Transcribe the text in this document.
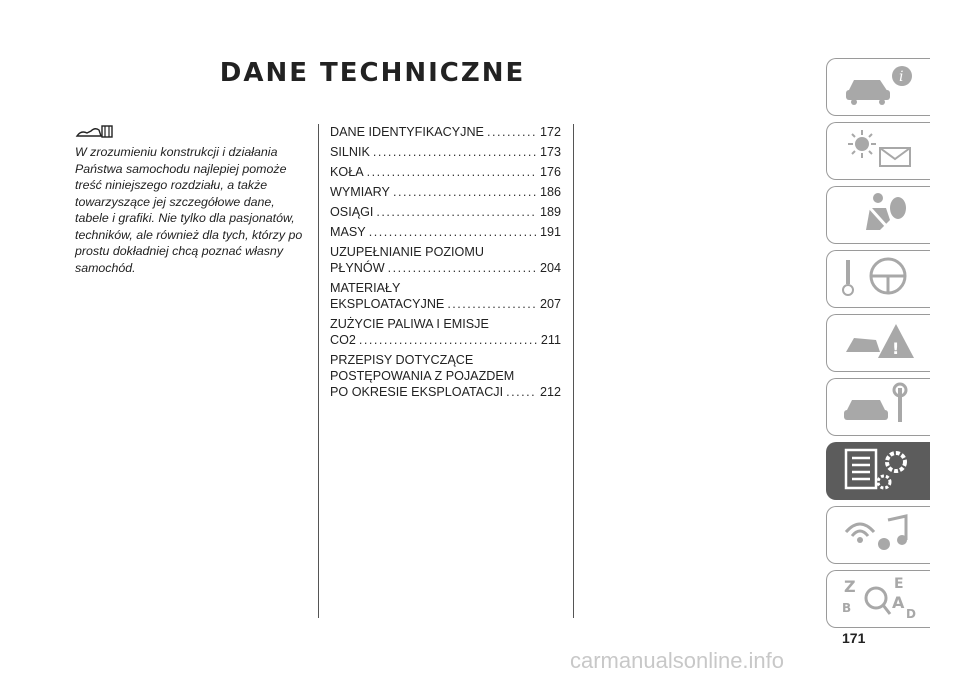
DANE TECHNICZNE
W zrozumieniu konstrukcji i działania Państwa samochodu najlepiej pomoże treść niniejszego rozdziału, a także towarzyszące jej szczegółowe dane, tabele i grafiki. Nie tylko dla pasjonatów, techników, ale również dla tych, którzy po prostu dokładniej chcą poznać własny samochód.
DANE IDENTYFIKACYJNE .....	172
SILNIK .....	173
KOŁA .....	176
WYMIARY .....	186
OSIĄGI .....	189
MASY .....	191
UZUPEŁNIANIE POZIOMU
PŁYNÓW .....	204
MATERIAŁY
EKSPLOATACYJNE .....	207
ZUŻYCIE PALIWA I EMISJE
CO2 .....	211
PRZEPISY DOTYCZĄCE
POSTĘPOWANIA Z POJAZDEM
PO OKRESIE EKSPLOATACJI .....	212
i
!
Z	E
B	A
D
171
carmanualsonline.info
